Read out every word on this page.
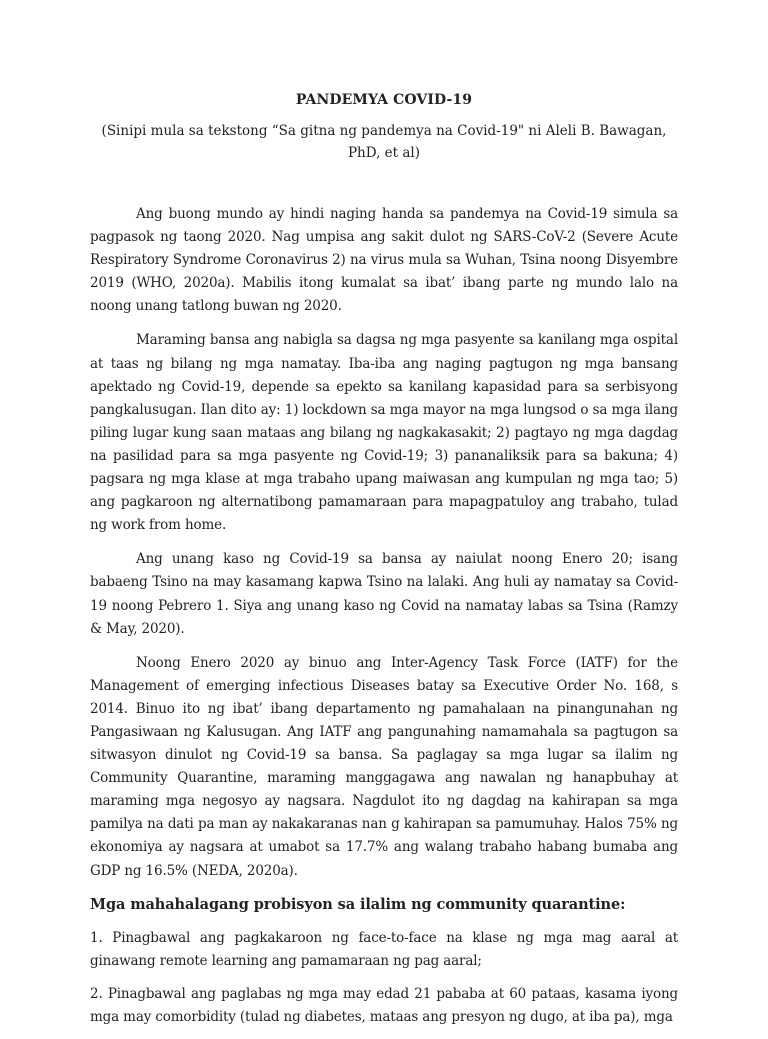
PANDEMYA COVID-19
(Sinipi mula sa tekstong “Sa gitna ng pandemya na Covid-19" ni Aleli B. Bawagan, PhD, et al)

Ang buong mundo ay hindi naging handa sa pandemya na Covid-19 simula sa pagpasok ng taong 2020. Nag umpisa ang sakit dulot ng SARS-CoV-2 (Severe Acute Respiratory Syndrome Coronavirus 2) na virus mula sa Wuhan, Tsina noong Disyembre 2019 (WHO, 2020a). Mabilis itong kumalat sa ibat’ ibang parte ng mundo lalo na noong unang tatlong buwan ng 2020.

Maraming bansa ang nabigla sa dagsa ng mga pasyente sa kanilang mga ospital at taas ng bilang ng mga namatay. Iba-iba ang naging pagtugon ng mga bansang apektado ng Covid-19, depende sa epekto sa kanilang kapasidad para sa serbisyong pangkalusugan. Ilan dito ay: 1) lockdown sa mga mayor na mga lungsod o sa mga ilang piling lugar kung saan mataas ang bilang ng nagkakasakit; 2) pagtayo ng mga dagdag na pasilidad para sa mga pasyente ng Covid-19; 3) pananaliksik para sa bakuna; 4) pagsara ng mga klase at mga trabaho upang maiwasan ang kumpulan ng mga tao; 5) ang pagkaroon ng alternatibong pamamaraan para mapagpatuloy ang trabaho, tulad ng work from home.

Ang unang kaso ng Covid-19 sa bansa ay naiulat noong Enero 20; isang babaeng Tsino na may kasamang kapwa Tsino na lalaki. Ang huli ay namatay sa Covid-19 noong Pebrero 1. Siya ang unang kaso ng Covid na namatay labas sa Tsina (Ramzy & May, 2020).

Noong Enero 2020 ay binuo ang Inter-Agency Task Force (IATF) for the Management of emerging infectious Diseases batay sa Executive Order No. 168, s 2014. Binuo ito ng ibat’ ibang departamento ng pamahalaan na pinangunahan ng Pangasiwaan ng Kalusugan. Ang IATF ang pangunahing namamahala sa pagtugon sa sitwasyon dinulot ng Covid-19 sa bansa. Sa paglagay sa mga lugar sa ilalim ng Community Quarantine, maraming manggagawa ang nawalan ng hanapbuhay at maraming mga negosyo ay nagsara. Nagdulot ito ng dagdag na kahirapan sa mga pamilya na dati pa man ay nakakaranas nan g kahirapan sa pamumuhay. Halos 75% ng ekonomiya ay nagsara at umabot sa 17.7% ang walang trabaho habang bumaba ang GDP ng 16.5% (NEDA, 2020a).

Mga mahahalagang probisyon sa ilalim ng community quarantine:

1. Pinagbawal ang pagkakaroon ng face-to-face na klase ng mga mag aaral at ginawang remote learning ang pamamaraan ng pag aaral;

2. Pinagbawal ang paglabas ng mga may edad 21 pababa at 60 pataas, kasama iyong mga may comorbidity (tulad ng diabetes, mataas ang presyon ng dugo, at iba pa), mga
